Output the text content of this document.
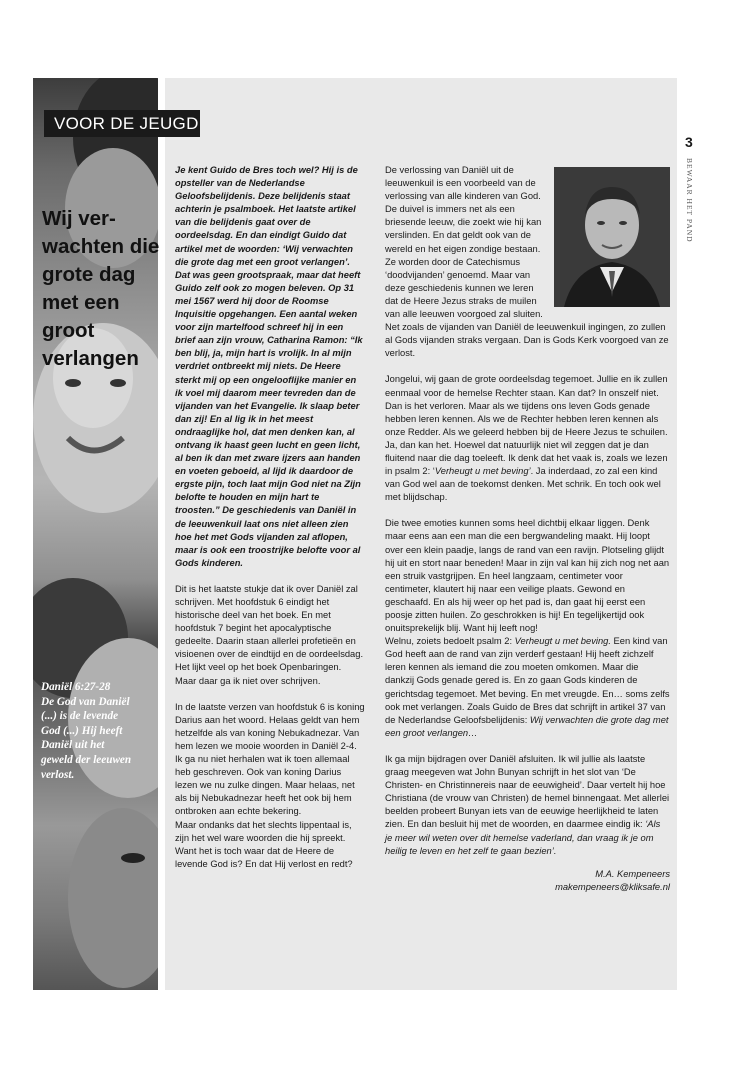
VOOR DE JEUGD
Wij ver-
wachten die
grote dag
met een
groot
verlangen
Daniël 6:27-28
De God van Daniël
(...) is de levende
God (...) Hij heeft
Daniël uit het
geweld der leeuwen
verlost.
3
BEWAAR HET PAND

Je kent Guido de Bres toch wel? Hij is de opsteller van de Nederlandse Geloofsbelijdenis. Deze belijdenis staat achterin je psalmboek. Het laatste artikel van die belijdenis gaat over de oordeelsdag. En dan eindigt Guido dat artikel met de woorden: ‘Wij verwachten die grote dag met een groot verlangen’. Dat was geen grootspraak, maar dat heeft Guido zelf ook zo mogen beleven. Op 31 mei 1567 werd hij door de Roomse Inquisitie opgehangen. Een aantal weken voor zijn martelfood schreef hij in een brief aan zijn vrouw, Catharina Ramon: “Ik ben blij, ja, mijn hart is vrolijk. In al mijn verdriet ontbreekt mij niets. De Heere sterkt mij op een ongelooflijke manier en ik voel mij daarom meer tevreden dan de vijanden van het Evangelie. Ik slaap beter dan zij! En al lig ik in het meest ondraaglijke hol, dat men denken kan, al ontvang ik haast geen lucht en geen licht, al ben ik dan met zware ijzers aan handen en voeten geboeid, al lijd ik daardoor de ergste pijn, toch laat mijn God niet na Zijn belofte te houden en mijn hart te troosten.” De geschiedenis van Daniël in de leeuwenkuil laat ons niet alleen zien hoe het met Gods vijanden zal aflopen, maar is ook een troostrijke belofte voor al Gods kinderen.

Dit is het laatste stukje dat ik over Daniël zal schrijven. Met hoofdstuk 6 eindigt het historische deel van het boek. En met hoofdstuk 7 begint het apocalyptische gedeelte. Daarin staan allerlei profetieën en visioenen over de eindtijd en de oordeelsdag. Het lijkt veel op het boek Openbaringen. Maar daar ga ik niet over schrijven.

In de laatste verzen van hoofdstuk 6 is koning Darius aan het woord. Helaas geldt van hem hetzelfde als van koning Nebukadnezar. Van hem lezen we mooie woorden in Daniël 2-4. Ik ga nu niet herhalen wat ik toen allemaal heb geschreven. Ook van koning Darius lezen we nu zulke dingen. Maar helaas, net als bij Nebukadnezar heeft het ook bij hem ontbroken aan echte bekering.

Maar ondanks dat het slechts lippentaal is, zijn het wel ware woorden die hij spreekt. Want het is toch waar dat de Heere de levende God is? En dat Hij verlost en redt?

De verlossing van Daniël uit de leeuwenkuil is een voorbeeld van de verlossing van alle kinderen van God. De duivel is immers net als een briesende leeuw, die zoekt wie hij kan verslinden. En dat geldt ook van de wereld en het eigen zondige bestaan. Ze worden door de Catechismus ‘doodvijanden’ genoemd. Maar van deze geschiedenis kunnen we leren dat de Heere Jezus straks de muilen van alle leeuwen voorgoed zal sluiten. Net zoals de vijanden van Daniël de leeuwenkuil ingingen, zo zullen al Gods vijanden straks vergaan. Dan is Gods Kerk voorgoed van ze verlost.

Jongelui, wij gaan de grote oordeelsdag tegemoet. Jullie en ik zullen eenmaal voor de hemelse Rechter staan. Kan dat? In onszelf niet. Dan is het verloren. Maar als we tijdens ons leven Gods genade hebben leren kennen. Als we de Rechter hebben leren kennen als onze Redder. Als we geleerd hebben bij de Heere Jezus te schuilen. Ja, dan kan het. Hoewel dat natuurlijk niet wil zeggen dat je dan fluitend naar die dag toeleeft. Ik denk dat het vaak is, zoals we lezen in psalm 2: ‘Verheugt u met beving’. Ja inderdaad, zo zal een kind van God wel aan de toekomst denken. Met schrik. En toch ook wel met blijdschap.

Die twee emoties kunnen soms heel dichtbij elkaar liggen. Denk maar eens aan een man die een bergwandeling maakt. Hij loopt over een klein paadje, langs de rand van een ravijn. Plotseling glijdt hij uit en stort naar beneden! Maar in zijn val kan hij zich nog net aan een struik vastgrijpen. En heel langzaam, centimeter voor centimeter, klautert hij naar een veilige plaats. Gewond en geschaafd. En als hij weer op het pad is, dan gaat hij eerst een poosje zitten huilen. Zo geschrokken is hij! En tegelijkertijd ook onuitsprekelijk blij. Want hij leeft nog!

Welnu, zoiets bedoelt psalm 2: Verheugt u met beving. Een kind van God heeft aan de rand van zijn verderf gestaan! Hij heeft zichzelf leren kennen als iemand die zou moeten omkomen. Maar die dankzij Gods genade gered is. En zo gaan Gods kinderen de gerichtsdag tegemoet. Met beving. En met vreugde. En… soms zelfs ook met verlangen. Zoals Guido de Bres dat schrijft in artikel 37 van de Nederlandse Geloofsbelijdenis: Wij verwachten die grote dag met een groot verlangen…

Ik ga mijn bijdragen over Daniël afsluiten. Ik wil jullie als laatste graag meegeven wat John Bunyan schrijft in het slot van ‘De Christen- en Christinnereis naar de eeuwigheid’. Daar vertelt hij hoe Christiana (de vrouw van Christen) de hemel binnengaat. Met allerlei beelden probeert Bunyan iets van de eeuwige heerlijkheid te laten zien. En dan besluit hij met de woorden, en daarmee eindig ik: ‘Als je meer wil weten over dit hemelse vaderland, dan vraag ik je om heilig te leven en het zelf te gaan bezien’.

M.A. Kempeneers
makempeneers@kliksafe.nl
